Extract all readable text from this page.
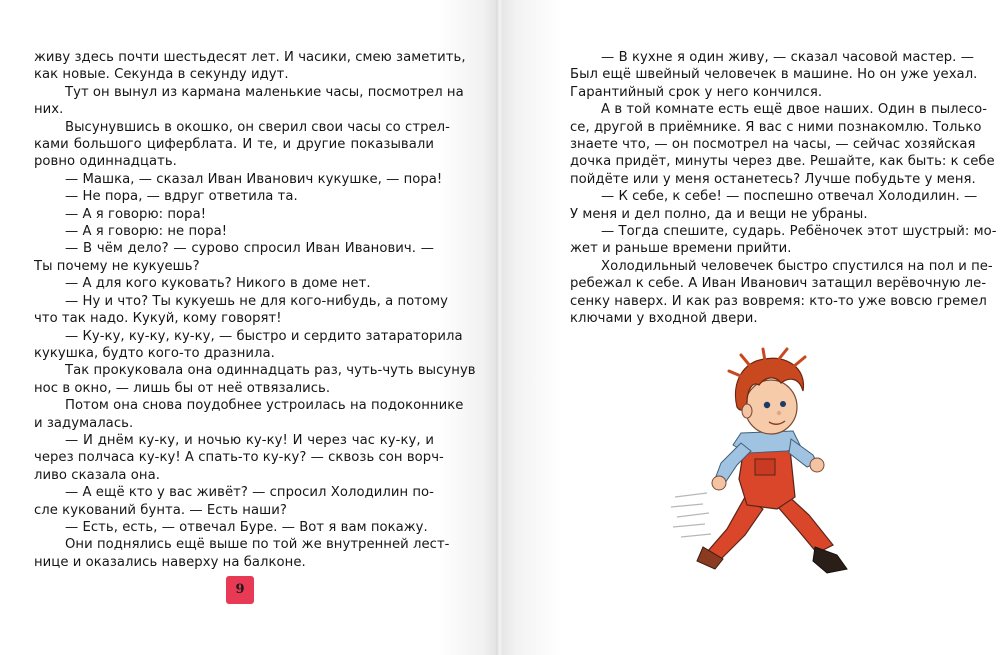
живу здесь почти шестьдесят лет. И часики, смею заметить,
как новые. Секунда в секунду идут.
Тут он вынул из кармана маленькие часы, посмотрел на
них.
Высунувшись в окошко, он сверил свои часы со стрел-
ками большого циферблата. И те, и другие показывали
ровно одиннадцать.
— Машка, — сказал Иван Иванович кукушке, — пора!
— Не пора, — вдруг ответила та.
— А я говорю: пора!
— А я говорю: не пора!
— В чём дело? — сурово спросил Иван Иванович. —
Ты почему не кукуешь?
— А для кого куковать? Никого в доме нет.
— Ну и что? Ты кукуешь не для кого-нибудь, а потому
что так надо. Кукуй, кому говорят!
— Ку-ку, ку-ку, ку-ку, — быстро и сердито затараторила
кукушка, будто кого-то дразнила.
Так прокуковала она одиннадцать раз, чуть-чуть высунув
нос в окно, — лишь бы от неё отвязались.
Потом она снова поудобнее устроилась на подоконнике
и задумалась.
— И днём ку-ку, и ночью ку-ку! И через час ку-ку, и
через полчаса ку-ку! А спать-то ку-ку? — сквозь сон ворч-
ливо сказала она.
— А ещё кто у вас живёт? — спросил Холодилин по-
сле кукований бунта. — Есть наши?
— Есть, есть, — отвечал Буре. — Вот я вам покажу.
Они поднялись ещё выше по той же внутренней лест-
нице и оказались наверху на балконе.
9
— В кухне я один живу, — сказал часовой мастер. —
Был ещё швейный человечек в машине. Но он уже уехал.
Гарантийный срок у него кончился.
А в той комнате есть ещё двое наших. Один в пылесо-
се, другой в приёмнике. Я вас с ними познакомлю. Только
знаете что, — он посмотрел на часы, — сейчас хозяйская
дочка придёт, минуты через две. Решайте, как быть: к себе
пойдёте или у меня останетесь? Лучше побудьте у меня.
— К себе, к себе! — поспешно отвечал Холодилин. —
У меня и дел полно, да и вещи не убраны.
— Тогда спешите, сударь. Ребёночек этот шустрый: мо-
жет и раньше времени прийти.
Холодильный человечек быстро спустился на пол и пе-
ребежал к себе. А Иван Иванович затащил верёвочную ле-
сенку наверх. И как раз вовремя: кто-то уже вовсю гремел
ключами у входной двери.
